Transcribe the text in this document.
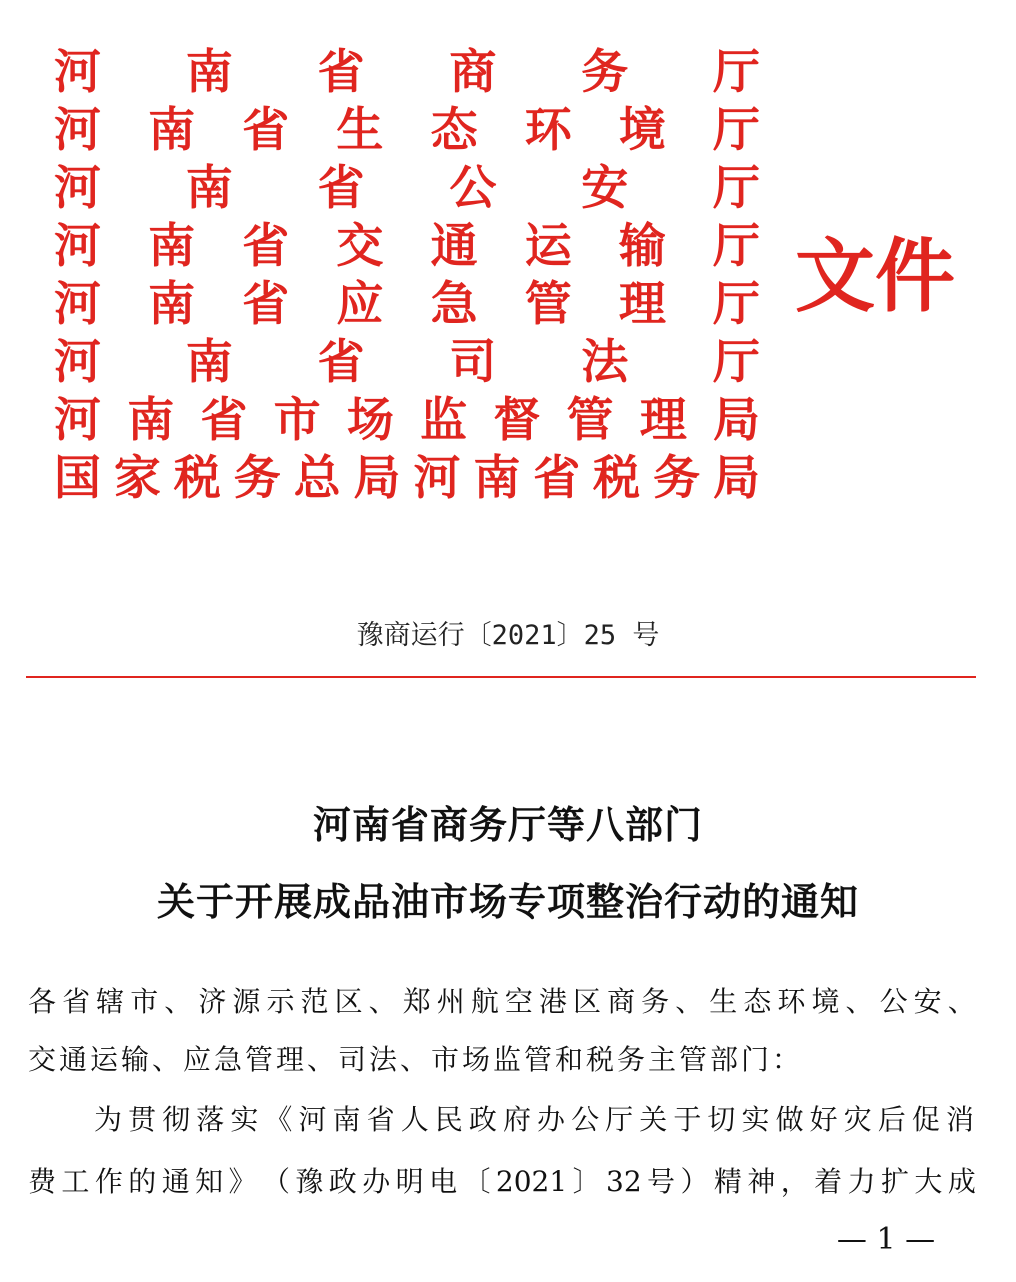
河 南 省 商 务 厅
河 南 省 生 态 环 境 厅
河 南 省 公 安 厅
河 南 省 交 通 运 输 厅
河 南 省 应 急 管 理 厅
河 南 省 司 法 厅
河 南 省 市 场 监 督 管 理 局
国 家 税 务 总 局 河 南 省 税 务 局
文件
豫商运行〔2021〕25 号
河南省商务厅等八部门
关于开展成品油市场专项整治行动的通知
各 省 辖 市 、 济 源 示 范 区 、 郑 州 航 空 港 区 商 务 、 生 态 环 境 、 公 安 、
交通运输、应急管理、司法、市场监管和税务主管部门：
为 贯 彻 落 实 《 河 南 省 人 民 政 府 办 公 厅 关 于 切 实 做 好 灾 后 促 消
费 工 作 的 通 知 》 （ 豫 政 办 明 电 〔 2021 〕 32 号 ） 精 神 ， 着 力 扩 大 成
— 1 —
